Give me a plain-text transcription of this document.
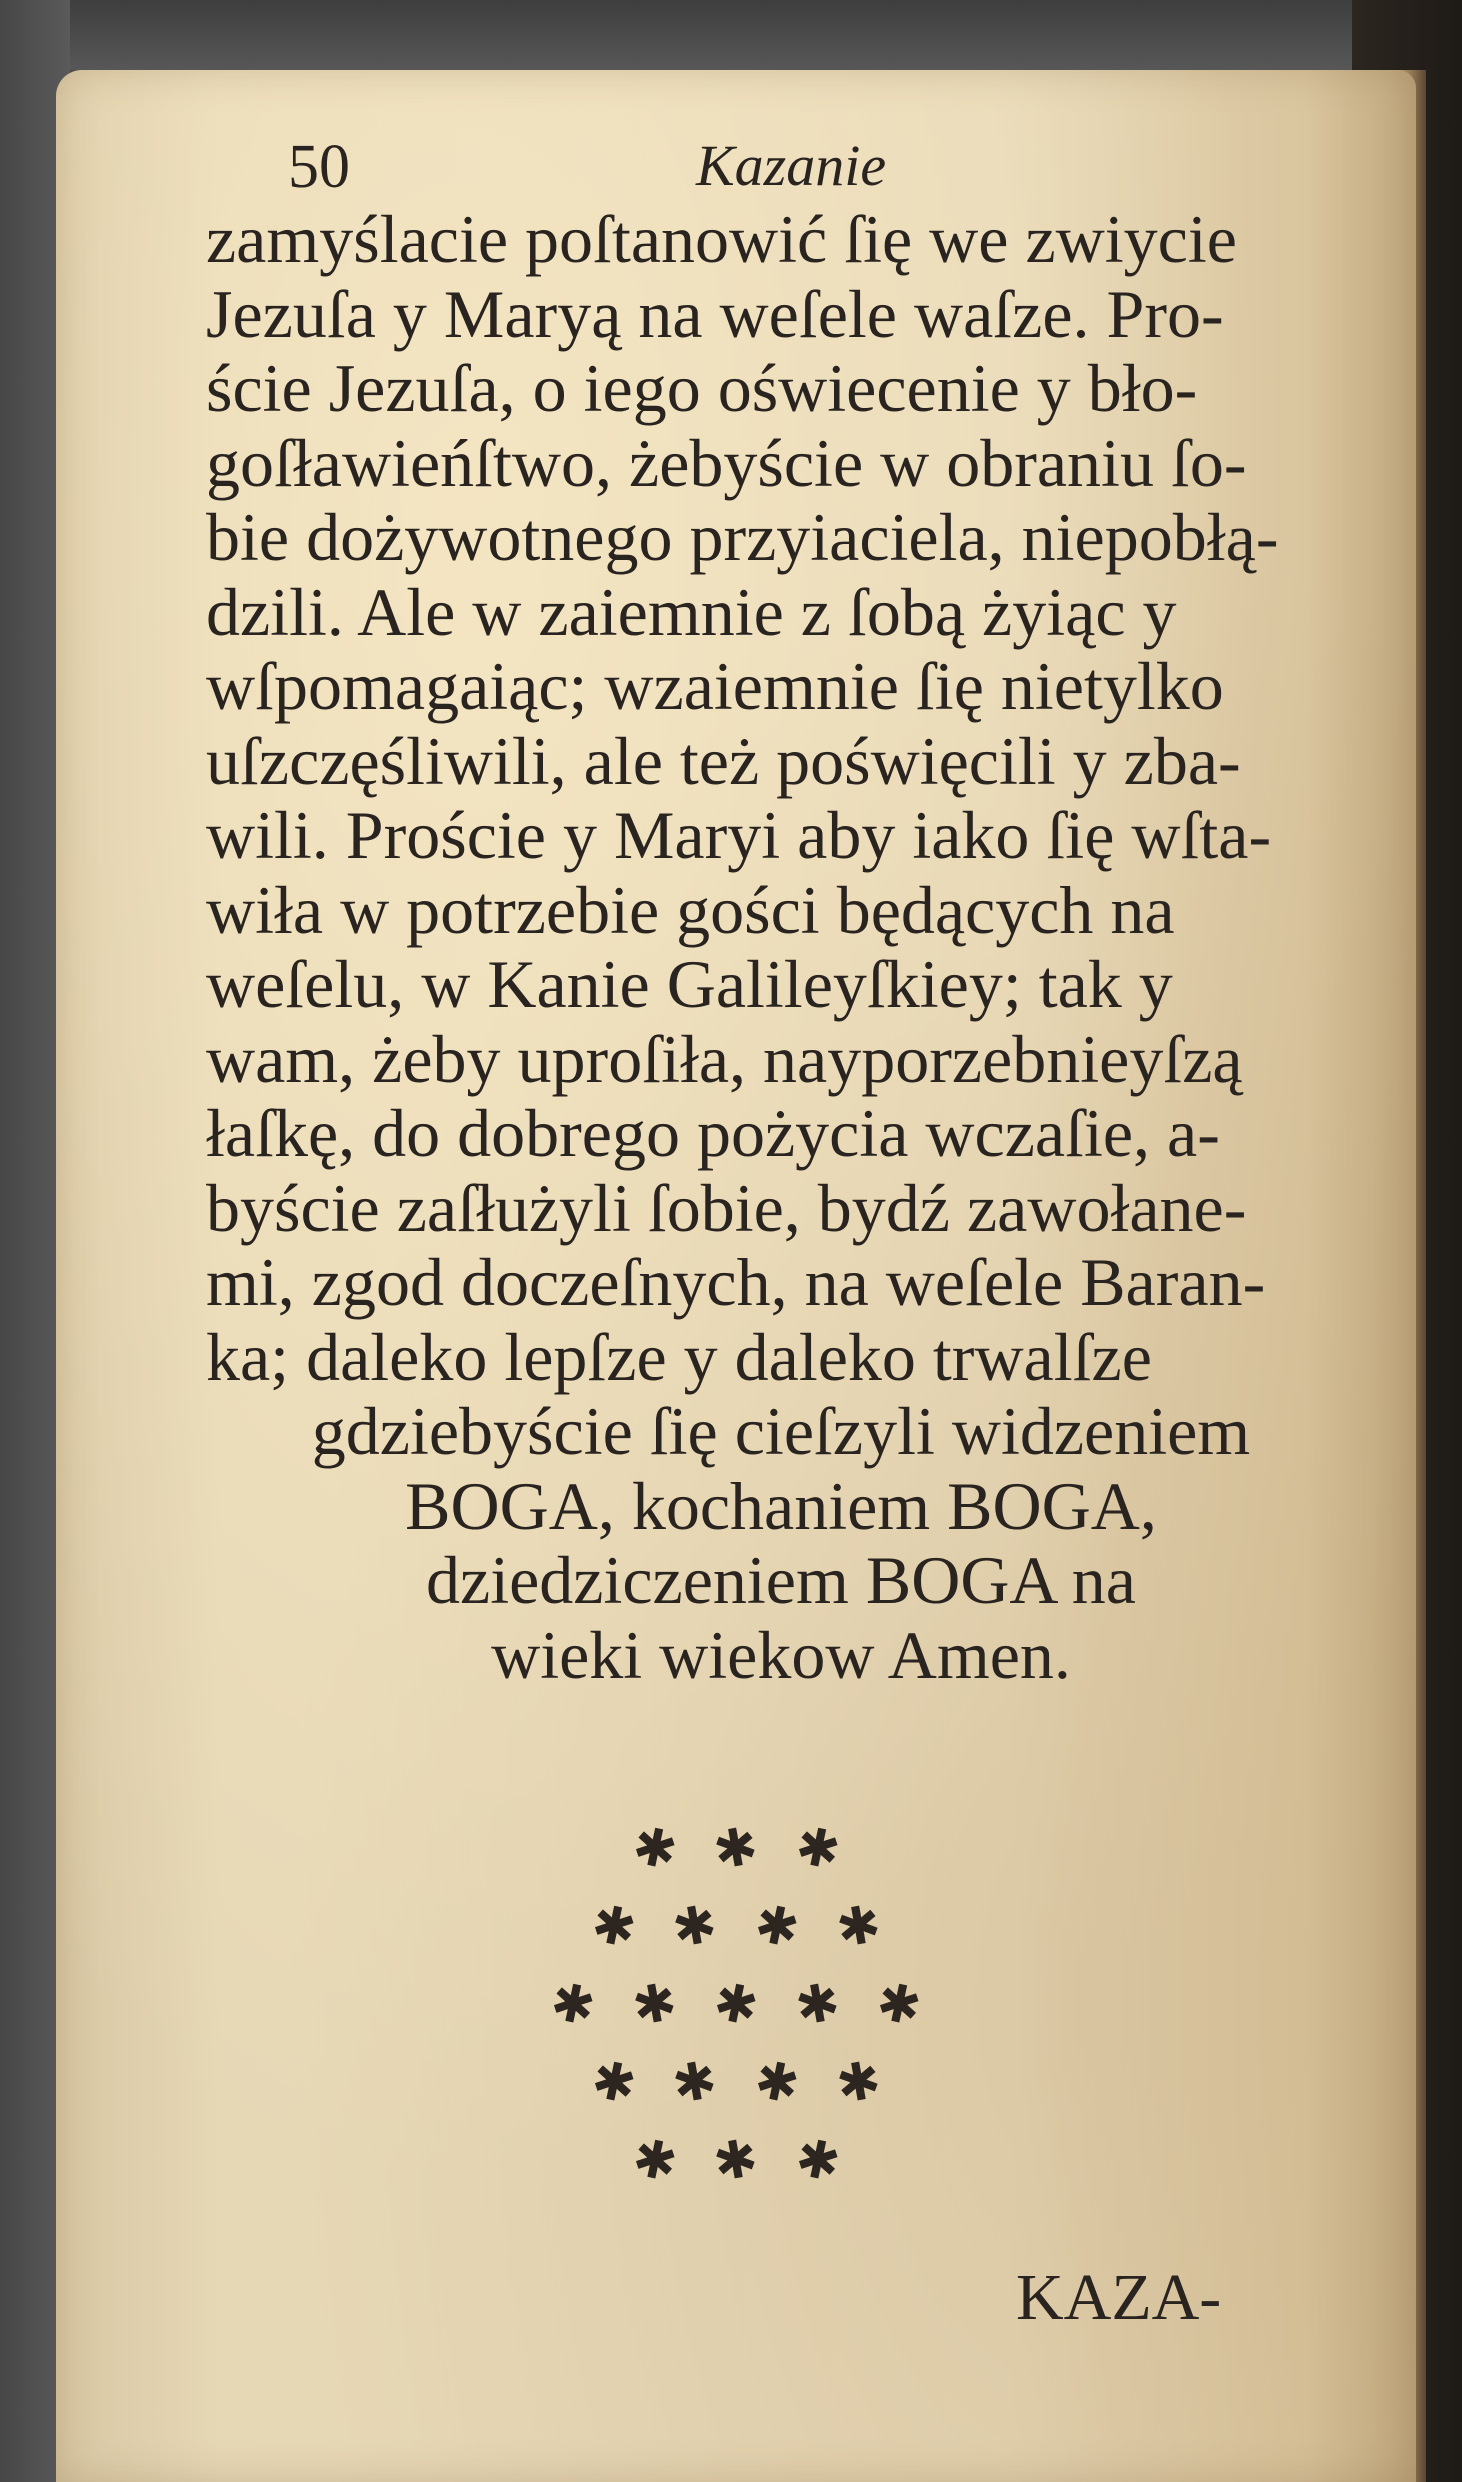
50	Kazanie
zamyślacie poſtanowić ſię we zwiycie
Jezuſa y Maryą na weſele waſze. Pro-
ście Jezuſa, o iego oświecenie y bło-
goſławieńſtwo, żebyście w obraniu ſo-
bie dożywotnego przyiaciela, niepobłą-
dzili. Ale w zaiemnie z ſobą żyiąc y
wſpomagaiąc; wzaiemnie ſię nietylko
uſzczęśliwili, ale też poświęcili y zba-
wili. Proście y Maryi aby iako ſię wſta-
wiła w potrzebie gości będących na
weſelu, w Kanie Galileyſkiey; tak y
wam, żeby uproſiła, nayporzebnieyſzą
łaſkę, do dobrego pożycia wczaſie, a-
byście zaſłużyli ſobie, bydź zawołane-
mi, zgod doczeſnych, na weſele Baran-
ka; daleko lepſze y daleko trwalſze
gdziebyście ſię cieſzyli widzeniem
BOGA, kochaniem BOGA,
dziedziczeniem BOGA na
wieki wiekow Amen.
✱ ✱ ✱
✱ ✱ ✱ ✱
✱ ✱ ✱ ✱ ✱
✱ ✱ ✱ ✱
✱ ✱ ✱
KAZA-
